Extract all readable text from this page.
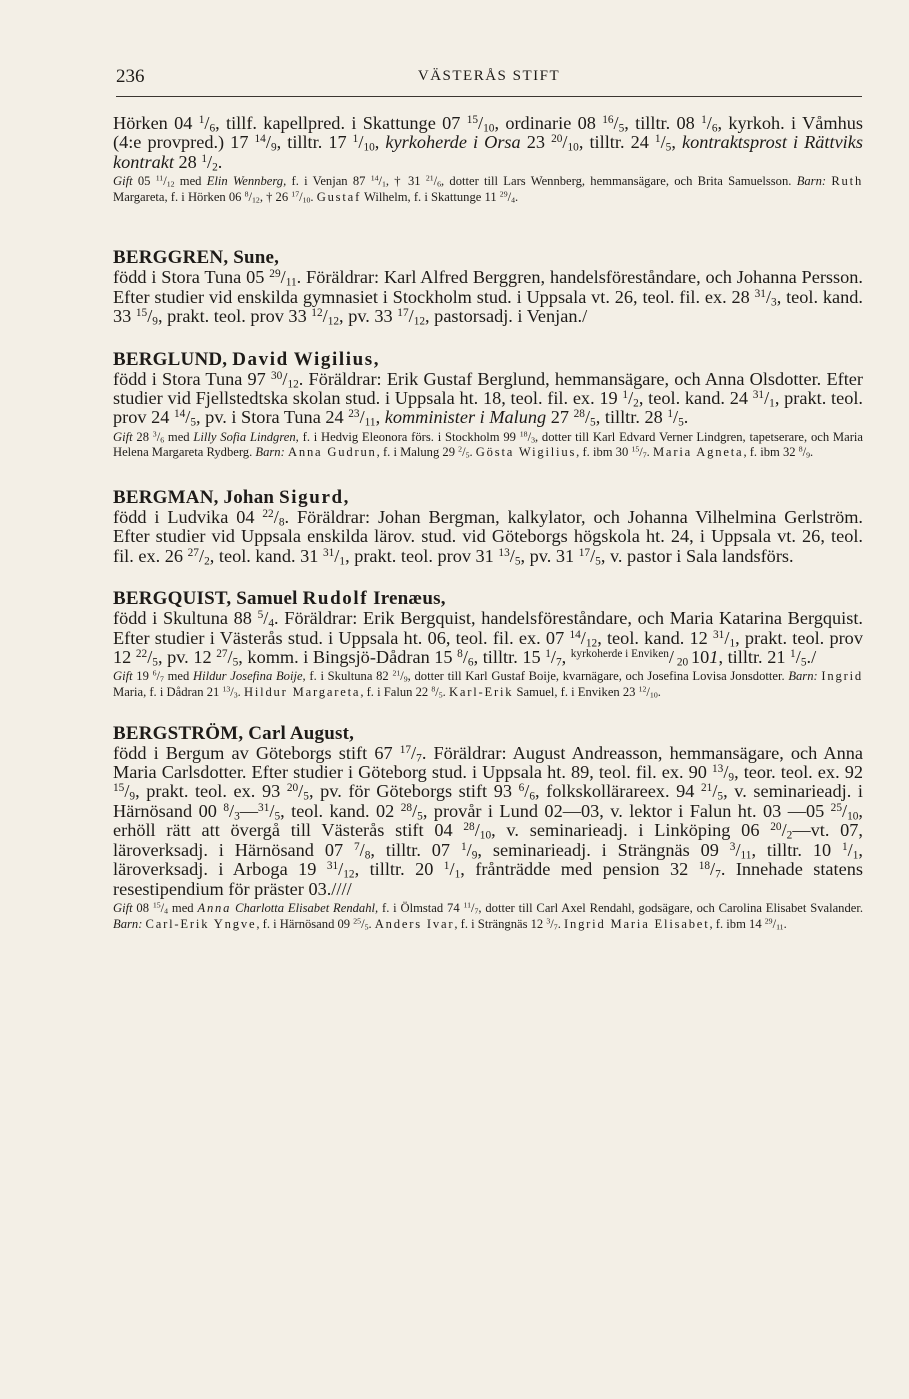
236	VÄSTERÅS STIFT

Hörken 04 $^1/_6$, tillf. kapellpred. i Skattunge 07 $^{15}/_{10}$, ordinarie 08 $^{16}/_5$, tilltr. 08 $^1/_6$, kyrkoh. i Våmhus (4:e provpred.) 17 $^{14}/_9$, tilltr. 17 $^1/_{10}$, kyrkoherde i Orsa 23 $^{20}/_{10}$, tilltr. 24 $^1/_5$, kontraktsprost i Rättviks kontrakt 28 $^1/_2$.

Gift 05 $^{11}/_{12}$ med Elin Wennberg, f. i Venjan 87 $^{14}/_1$, † 31 $^{21}/_6$, dotter till Lars Wennberg, hemmansägare, och Brita Samuelsson. Barn: Ruth Margareta, f. i Hörken 06 $^8/_{12}$, † 26 $^{17}/_{10}$. Gustaf Wilhelm, f. i Skattunge 11 $^{29}/_4$.

BERGGREN, Sune,

född i Stora Tuna 05 $^{29}/_{11}$. Föräldrar: Karl Alfred Berggren, handelsföreståndare, och Johanna Persson. Efter studier vid enskilda gymnasiet i Stockholm stud. i Uppsala vt. 26, teol. fil. ex. 28 $^{31}/_3$, teol. kand. 33 $^{15}/_9$, prakt. teol. prov 33 $^{12}/_{12}$, pv. 33 $^{17}/_{12}$, pastorsadj. i Venjan./

BERGLUND, David Wigilius,

född i Stora Tuna 97 $^{30}/_{12}$. Föräldrar: Erik Gustaf Berglund, hemmansägare, och Anna Olsdotter. Efter studier vid Fjellstedtska skolan stud. i Uppsala ht. 18, teol. fil. ex. 19 $^1/_2$, teol. kand. 24 $^{31}/_1$, prakt. teol. prov 24 $^{14}/_5$, pv. i Stora Tuna 24 $^{23}/_{11}$, komminister i Malung 27 $^{28}/_5$, tilltr. 28 $^1/_5$.

Gift 28 $^3/_6$ med Lilly Sofia Lindgren, f. i Hedvig Eleonora förs. i Stockholm 99 $^{18}/_3$, dotter till Karl Edvard Verner Lindgren, tapetserare, och Maria Helena Margareta Rydberg. Barn: Anna Gudrun, f. i Malung 29 $^2/_5$. Gösta Wigilius, f. ibm 30 $^{15}/_7$. Maria Agneta, f. ibm 32 $^8/_9$.

BERGMAN, Johan Sigurd,

född i Ludvika 04 $^{22}/_8$. Föräldrar: Johan Bergman, kalkylator, och Johanna Vilhelmina Gerlström. Efter studier vid Uppsala enskilda lärov. stud. vid Göteborgs högskola ht. 24, i Uppsala vt. 26, teol. fil. ex. 26 $^{27}/_2$, teol. kand. 31 $^{31}/_1$, prakt. teol. prov 31 $^{13}/_5$, pv. 31 $^{17}/_5$, v. pastor i Sala landsförs.

BERGQUIST, Samuel Rudolf Irenæus,

född i Skultuna 88 $^5/_4$. Föräldrar: Erik Bergquist, handelsföreståndare, och Maria Katarina Bergquist. Efter studier i Västerås stud. i Uppsala ht. 06, teol. fil. ex. 07 $^{14}/_{12}$, teol. kand. 12 $^{31}/_1$, prakt. teol. prov 12 $^{22}/_5$, pv. 12 $^{27}/_5$, komm. i Bingsjö-Dådran 15 $^8/_6$, tilltr. 15 $^1/_7$, $^{kyrkoherde i Enviken}$/ $_{20}$ 101, tilltr. 21 $^1/_5./$

Gift 19 $^6/_7$ med Hildur Josefina Boije, f. i Skultuna 82 $^{21}/_9$, dotter till Karl Gustaf Boije, kvarnägare, och Josefina Lovisa Jonsdotter. Barn: Ingrid Maria, f. i Dådran 21 $^{13}/_3$. Hildur Margareta, f. i Falun 22 $^8/_5$. Karl-Erik Samuel, f. i Enviken 23 $^{12}/_{10}$.

BERGSTRÖM, Carl August,

född i Bergum av Göteborgs stift 67 $^{17}/_7$. Föräldrar: August Andreasson, hemmansägare, och Anna Maria Carlsdotter. Efter studier i Göteborg stud. i Uppsala ht. 89, teol. fil. ex. 90 $^{13}/_9$, teor. teol. ex. 92 $^{15}/_9$, prakt. teol. ex. 93 $^{20}/_5$, pv. för Göteborgs stift 93 $^6/_6$, folkskollärareex. 94 $^{21}/_5$, v. seminarieadj. i Härnösand 00 $^8/_3—^{31}/_5$, teol. kand. 02 $^{28}/_5$, provår i Lund 02—03, v. lektor i Falun ht. 03 —05 $^{25}/_{10}$, erhöll rätt att övergå till Västerås stift 04 $^{28}/_{10}$, v. seminarieadj. i Linköping 06 $^{20}/_2—vt$. 07, läroverksadj. i Härnösand 07 $^7/_8$, tilltr. 07 $^1/_9$, seminarieadj. i Strängnäs 09 $^3/_{11}$, tilltr. 10 $^1/_1$, läroverksadj. i Arboga 19 $^{31}/_{12}$, tilltr. 20 $^1/_1$, frånträdde med pension 32 $^{18}/_7$. Innehade statens resestipendium för präster 03.////

Gift 08 $^{15}/_4$ med Anna Charlotta Elisabet Rendahl, f. i Ölmstad 74 $^{11}/_7$, dotter till Carl Axel Rendahl, godsägare, och Carolina Elisabet Svalander. Barn: Carl-Erik Yngve, f. i Härnösand 09 $^{25}/_5$. Anders Ivar, f. i Strängnäs 12 $^3/_7$. Ingrid Maria Elisabet, f. ibm 14 $^{29}/_{11}$.
